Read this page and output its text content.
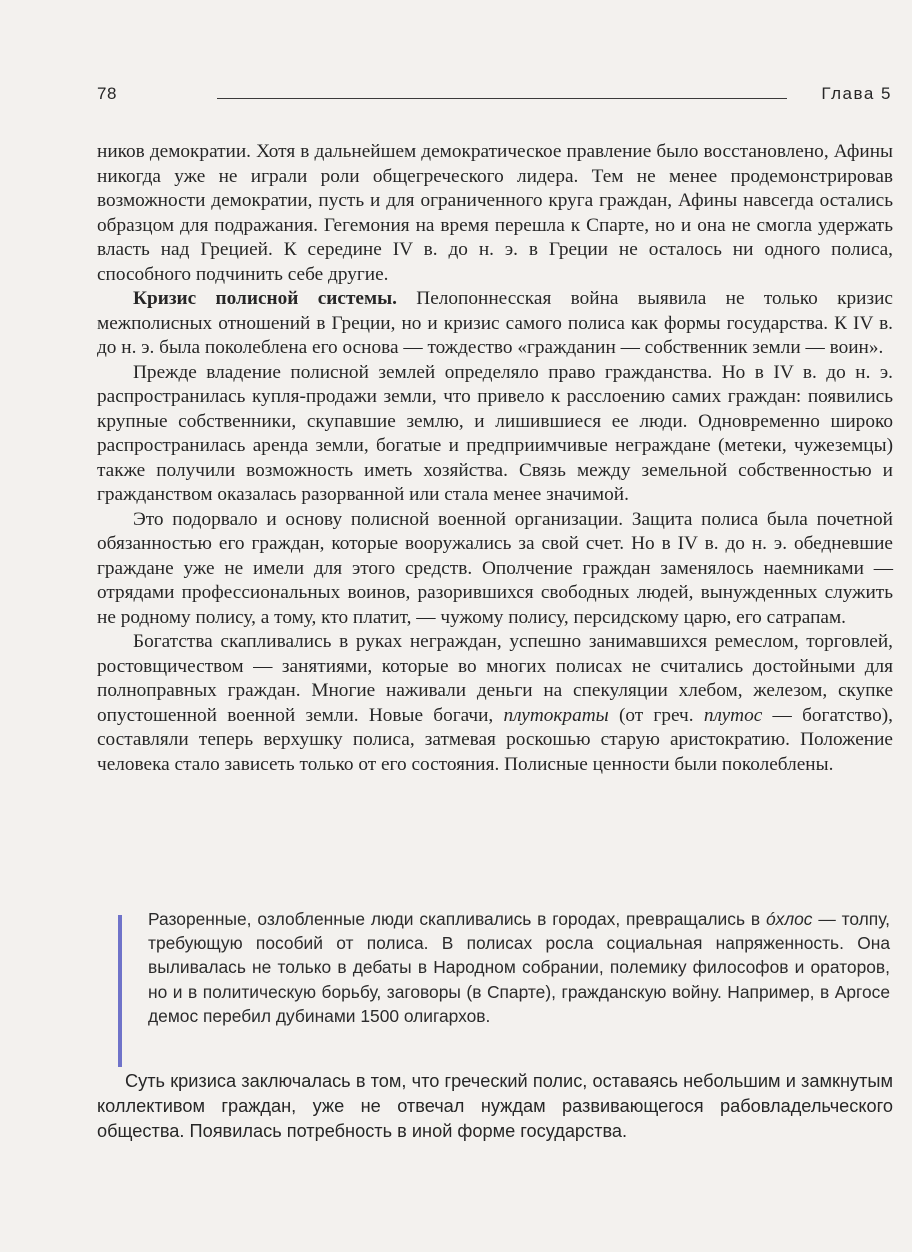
78	Глава 5

ников демократии. Хотя в дальнейшем демократическое правление было восстановлено, Афины никогда уже не играли роли общегреческого лидера. Тем не менее продемонстрировав возможности демократии, пусть и для ограниченного круга граждан, Афины навсегда остались образцом для подражания. Гегемония на время перешла к Спарте, но и она не смогла удержать власть над Грецией. К середине IV в. до н. э. в Греции не осталось ни одного полиса, способного подчинить себе другие.

Кризис полисной системы. Пелопоннесская война выявила не только кризис межполисных отношений в Греции, но и кризис самого полиса как формы государства. К IV в. до н. э. была поколеблена его основа — тождество «гражданин — собственник земли — воин».

Прежде владение полисной землей определяло право гражданства. Но в IV в. до н. э. распространилась купля-продажи земли, что привело к расслоению самих граждан: появились крупные собственники, скупавшие землю, и лишившиеся ее люди. Одновременно широко распространилась аренда земли, богатые и предприимчивые неграждане (метеки, чужеземцы) также получили возможность иметь хозяйства. Связь между земельной собственностью и гражданством оказалась разорванной или стала менее значимой.

Это подорвало и основу полисной военной организации. Защита полиса была почетной обязанностью его граждан, которые вооружались за свой счет. Но в IV в. до н. э. обедневшие граждане уже не имели для этого средств. Ополчение граждан заменялось наемниками — отрядами профессиональных воинов, разорившихся свободных людей, вынужденных служить не родному полису, а тому, кто платит, — чужому полису, персидскому царю, его сатрапам.

Богатства скапливались в руках неграждан, успешно занимавшихся ремеслом, торговлей, ростовщичеством — занятиями, которые во многих полисах не считались достойными для полноправных граждан. Многие наживали деньги на спекуляции хлебом, железом, скупке опустошенной военной земли. Новые богачи, плутократы (от греч. плутос — богатство), составляли теперь верхушку полиса, затмевая роскошью старую аристократию. Положение человека стало зависеть только от его состояния. Полисные ценности были поколеблены.

Разоренные, озлобленные люди скапливались в городах, превращались в óхлос — толпу, требующую пособий от полиса. В полисах росла социальная напряженность. Она выливалась не только в дебаты в Народном собрании, полемику философов и ораторов, но и в политическую борьбу, заговоры (в Спарте), гражданскую войну. Например, в Аргосе демос перебил дубинами 1500 олигархов.

Суть кризиса заключалась в том, что греческий полис, оставаясь небольшим и замкнутым коллективом граждан, уже не отвечал нуждам развивающегося рабовладельческого общества. Появилась потребность в иной форме государства.
